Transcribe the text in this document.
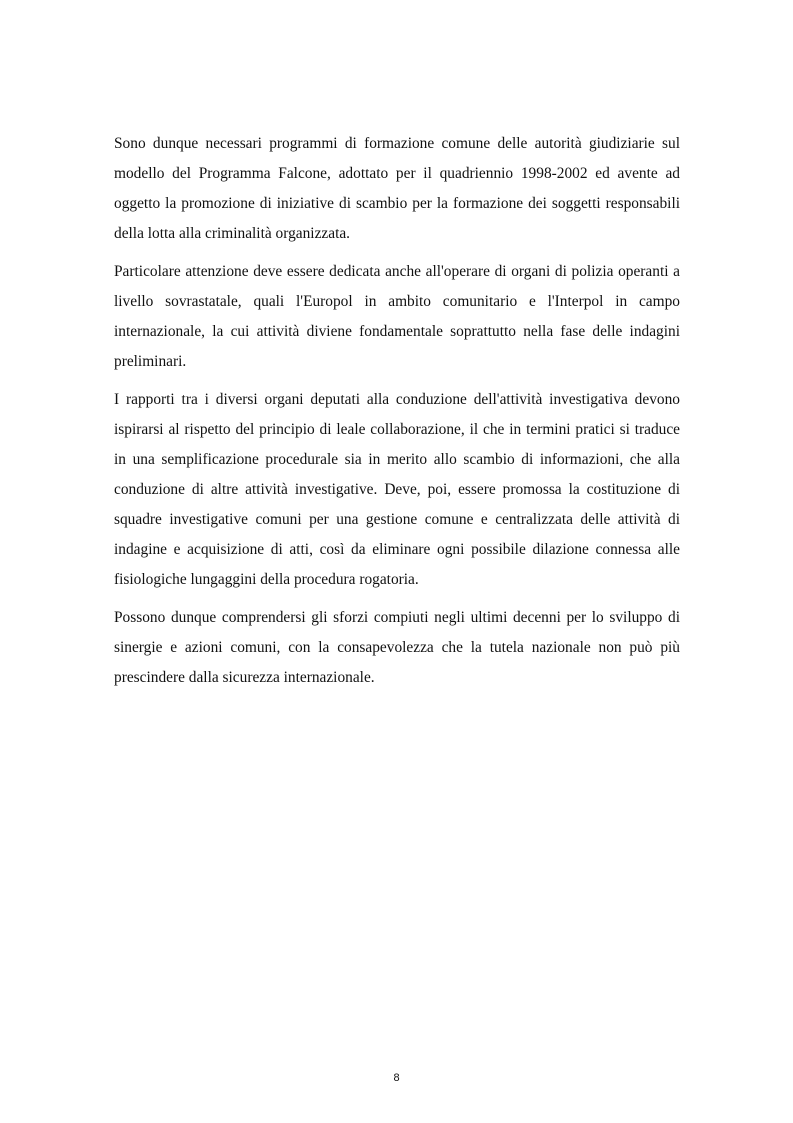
Sono dunque necessari programmi di formazione comune delle autorità giudiziarie sul modello del Programma Falcone, adottato per il quadriennio 1998-2002 ed avente ad oggetto la promozione di iniziative di scambio per la formazione dei soggetti responsabili della lotta alla criminalità organizzata.

Particolare attenzione deve essere dedicata anche all'operare di organi di polizia operanti a livello sovrastatale, quali l'Europol in ambito comunitario e l'Interpol in campo internazionale, la cui attività diviene fondamentale soprattutto nella fase delle indagini preliminari.

I rapporti tra i diversi organi deputati alla conduzione dell'attività investigativa devono ispirarsi al rispetto del principio di leale collaborazione, il che in termini pratici si traduce in una semplificazione procedurale sia in merito allo scambio di informazioni, che alla conduzione di altre attività investigative. Deve, poi, essere promossa la costituzione di squadre investigative comuni per una gestione comune e centralizzata delle attività di indagine e acquisizione di atti, così da eliminare ogni possibile dilazione connessa alle fisiologiche lungaggini della procedura rogatoria.

Possono dunque comprendersi gli sforzi compiuti negli ultimi decenni per lo sviluppo di sinergie e azioni comuni, con la consapevolezza che la tutela nazionale non può più prescindere dalla sicurezza internazionale.

8
